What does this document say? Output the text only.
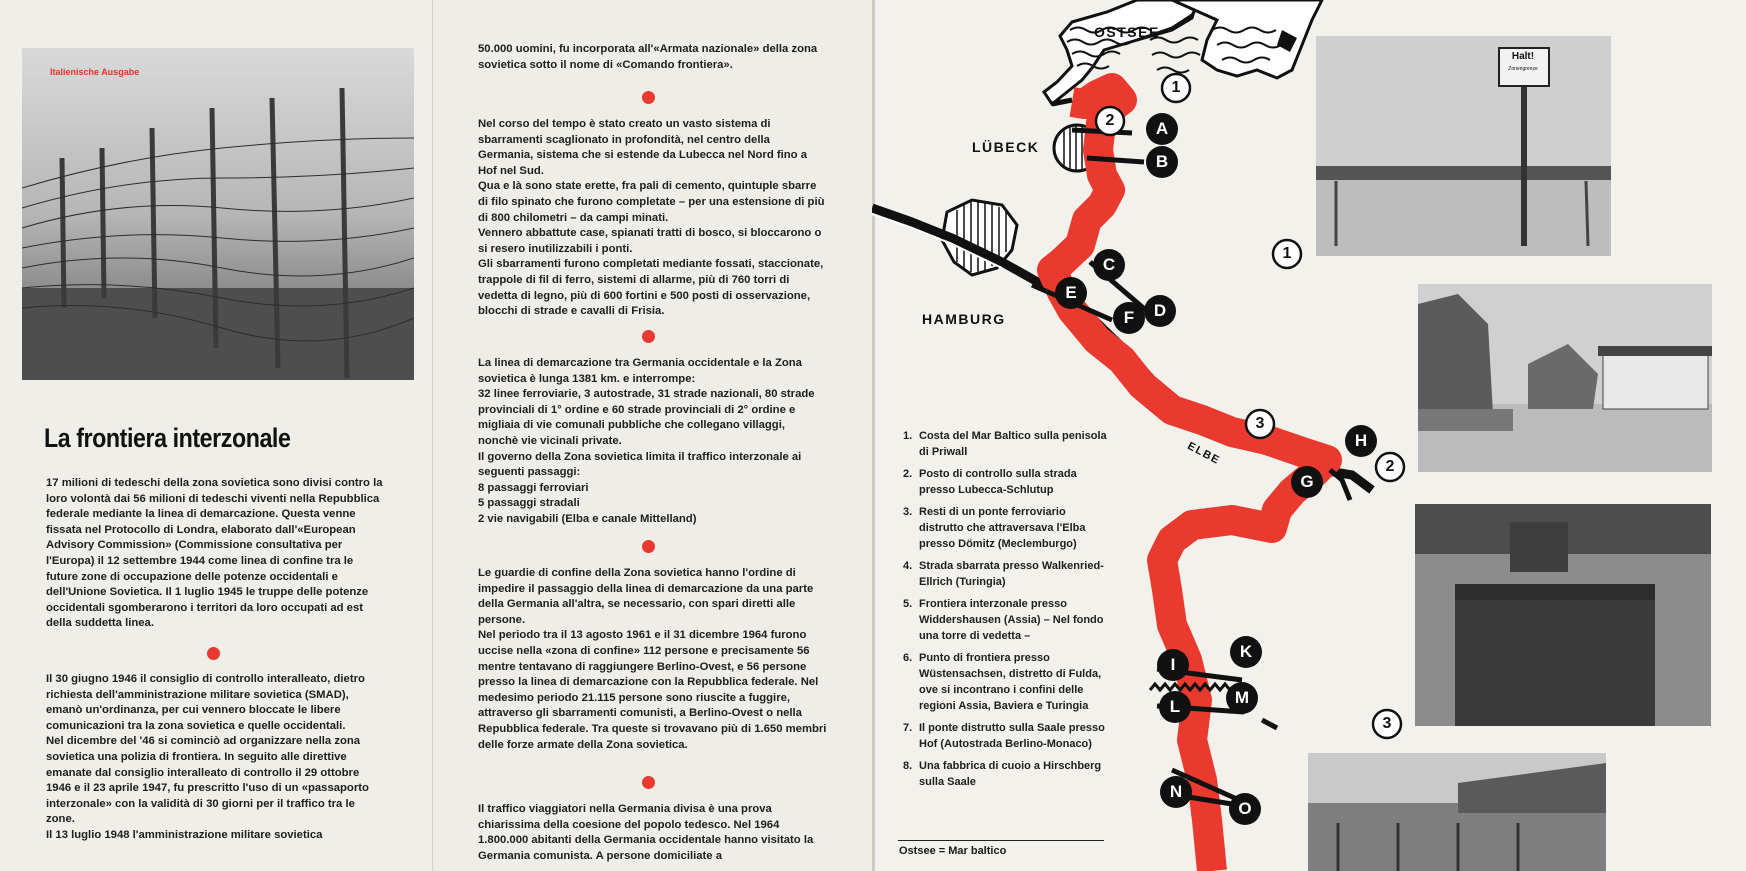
Italienische Ausgabe
La frontiera interzonale

17 milioni di tedeschi della zona sovietica sono divisi contro la loro volontà dai 56 milioni di tedeschi viventi nella Repubblica federale mediante la linea di demarcazione. Questa venne fissata nel Protocollo di Londra, elaborato dall'«European Advisory Commission» (Commissione consultativa per l'Europa) il 12 settembre 1944 come linea di confine tra le future zone di occupazione delle potenze occidentali e dell'Unione Sovietica. Il 1 luglio 1945 le truppe delle potenze occidentali sgomberarono i territori da loro occupati ad est della suddetta linea.

Il 30 giugno 1946 il consiglio di controllo interalleato, dietro richiesta dell'amministrazione militare sovietica (SMAD), emanò un'ordinanza, per cui vennero bloccate le libere comunicazioni tra la zona sovietica e quelle occidentali.

Nel dicembre del '46 si cominciò ad organizzare nella zona sovietica una polizia di frontiera. In seguito alle direttive emanate dal consiglio interalleato di controllo il 29 ottobre 1946 e il 23 aprile 1947, fu prescritto l'uso di un «passaporto interzonale» con la validità di 30 giorni per il traffico tra le zone.

Il 13 luglio 1948 l'amministrazione militare sovietica

50.000 uomini, fu incorporata all'«Armata nazionale» della zona sovietica sotto il nome di «Comando frontiera».

Nel corso del tempo è stato creato un vasto sistema di sbarramenti scaglionato in profondità, nel centro della Germania, sistema che si estende da Lubecca nel Nord fino a Hof nel Sud.

Qua e là sono state erette, fra pali di cemento, quintuple sbarre di filo spinato che furono completate – per una estensione di più di 800 chilometri – da campi minati.

Vennero abbattute case, spianati tratti di bosco, si bloccarono o si resero inutilizzabili i ponti.

Gli sbarramenti furono completati mediante fossati, staccionate, trappole di fil di ferro, sistemi di allarme, più di 760 torri di vedetta di legno, più di 600 fortini e 500 posti di osservazione, blocchi di strade e cavalli di Frisia.

La linea di demarcazione tra Germania occidentale e la Zona sovietica è lunga 1381 km. e interrompe:

32 linee ferroviarie, 3 autostrade, 31 strade nazionali, 80 strade provinciali di 1° ordine e 60 strade provinciali di 2° ordine e migliaia di vie comunali pubbliche che collegano villaggi, nonchè vie vicinali private.

Il governo della Zona sovietica limita il traffico interzonale ai seguenti passaggi:

8 passaggi ferroviari

5 passaggi stradali

2 vie navigabili (Elba e canale Mittelland)

Le guardie di confine della Zona sovietica hanno l'ordine di impedire il passaggio della linea di demarcazione da una parte della Germania all'altra, se necessario, con spari diretti alle persone.

Nel periodo tra il 13 agosto 1961 e il 31 dicembre 1964 furono uccise nella «zona di confine» 112 persone e precisamente 56 mentre tentavano di raggiungere Berlino-Ovest, e 56 persone presso la linea di demarcazione con la Repubblica federale. Nel medesimo periodo 21.115 persone sono riuscite a fuggire, attraverso gli sbarramenti comunisti, a Berlino-Ovest o nella Repubblica federale. Tra queste si trovavano più di 1.650 membri delle forze armate della Zona sovietica.

Il traffico viaggiatori nella Germania divisa è una prova chiarissima della coesione del popolo tedesco. Nel 1964 1.800.000 abitanti della Germania occidentale hanno visitato la Germania comunista. A persone domiciliate a

A
B
C
D
E
F
G
H
I
K
L	M
N
O
OSTSEE
LÜBECK
HAMBURG
ELBE
Halt!
Zonengrenze
1
2
3
2
3
1
1. Costa del Mar Baltico sulla penisola di Priwall
2. Posto di controllo sulla strada presso Lubecca-Schlutup
3. Resti di un ponte ferroviario distrutto che attraversava l'Elba presso Dömitz (Meclemburgo)
4. Strada sbarrata presso Walkenried-Ellrich (Turingia)
5. Frontiera interzonale presso Widdershausen (Assia) – Nel fondo una torre di vedetta –
6. Punto di frontiera presso Wüstensachsen, distretto di Fulda, ove si incontrano i confini delle regioni Assia, Baviera e Turingia
7. Il ponte distrutto sulla Saale presso Hof (Autostrada Berlino-Monaco)
8. Una fabbrica di cuoio a Hirschberg sulla Saale
Ostsee = Mar baltico
